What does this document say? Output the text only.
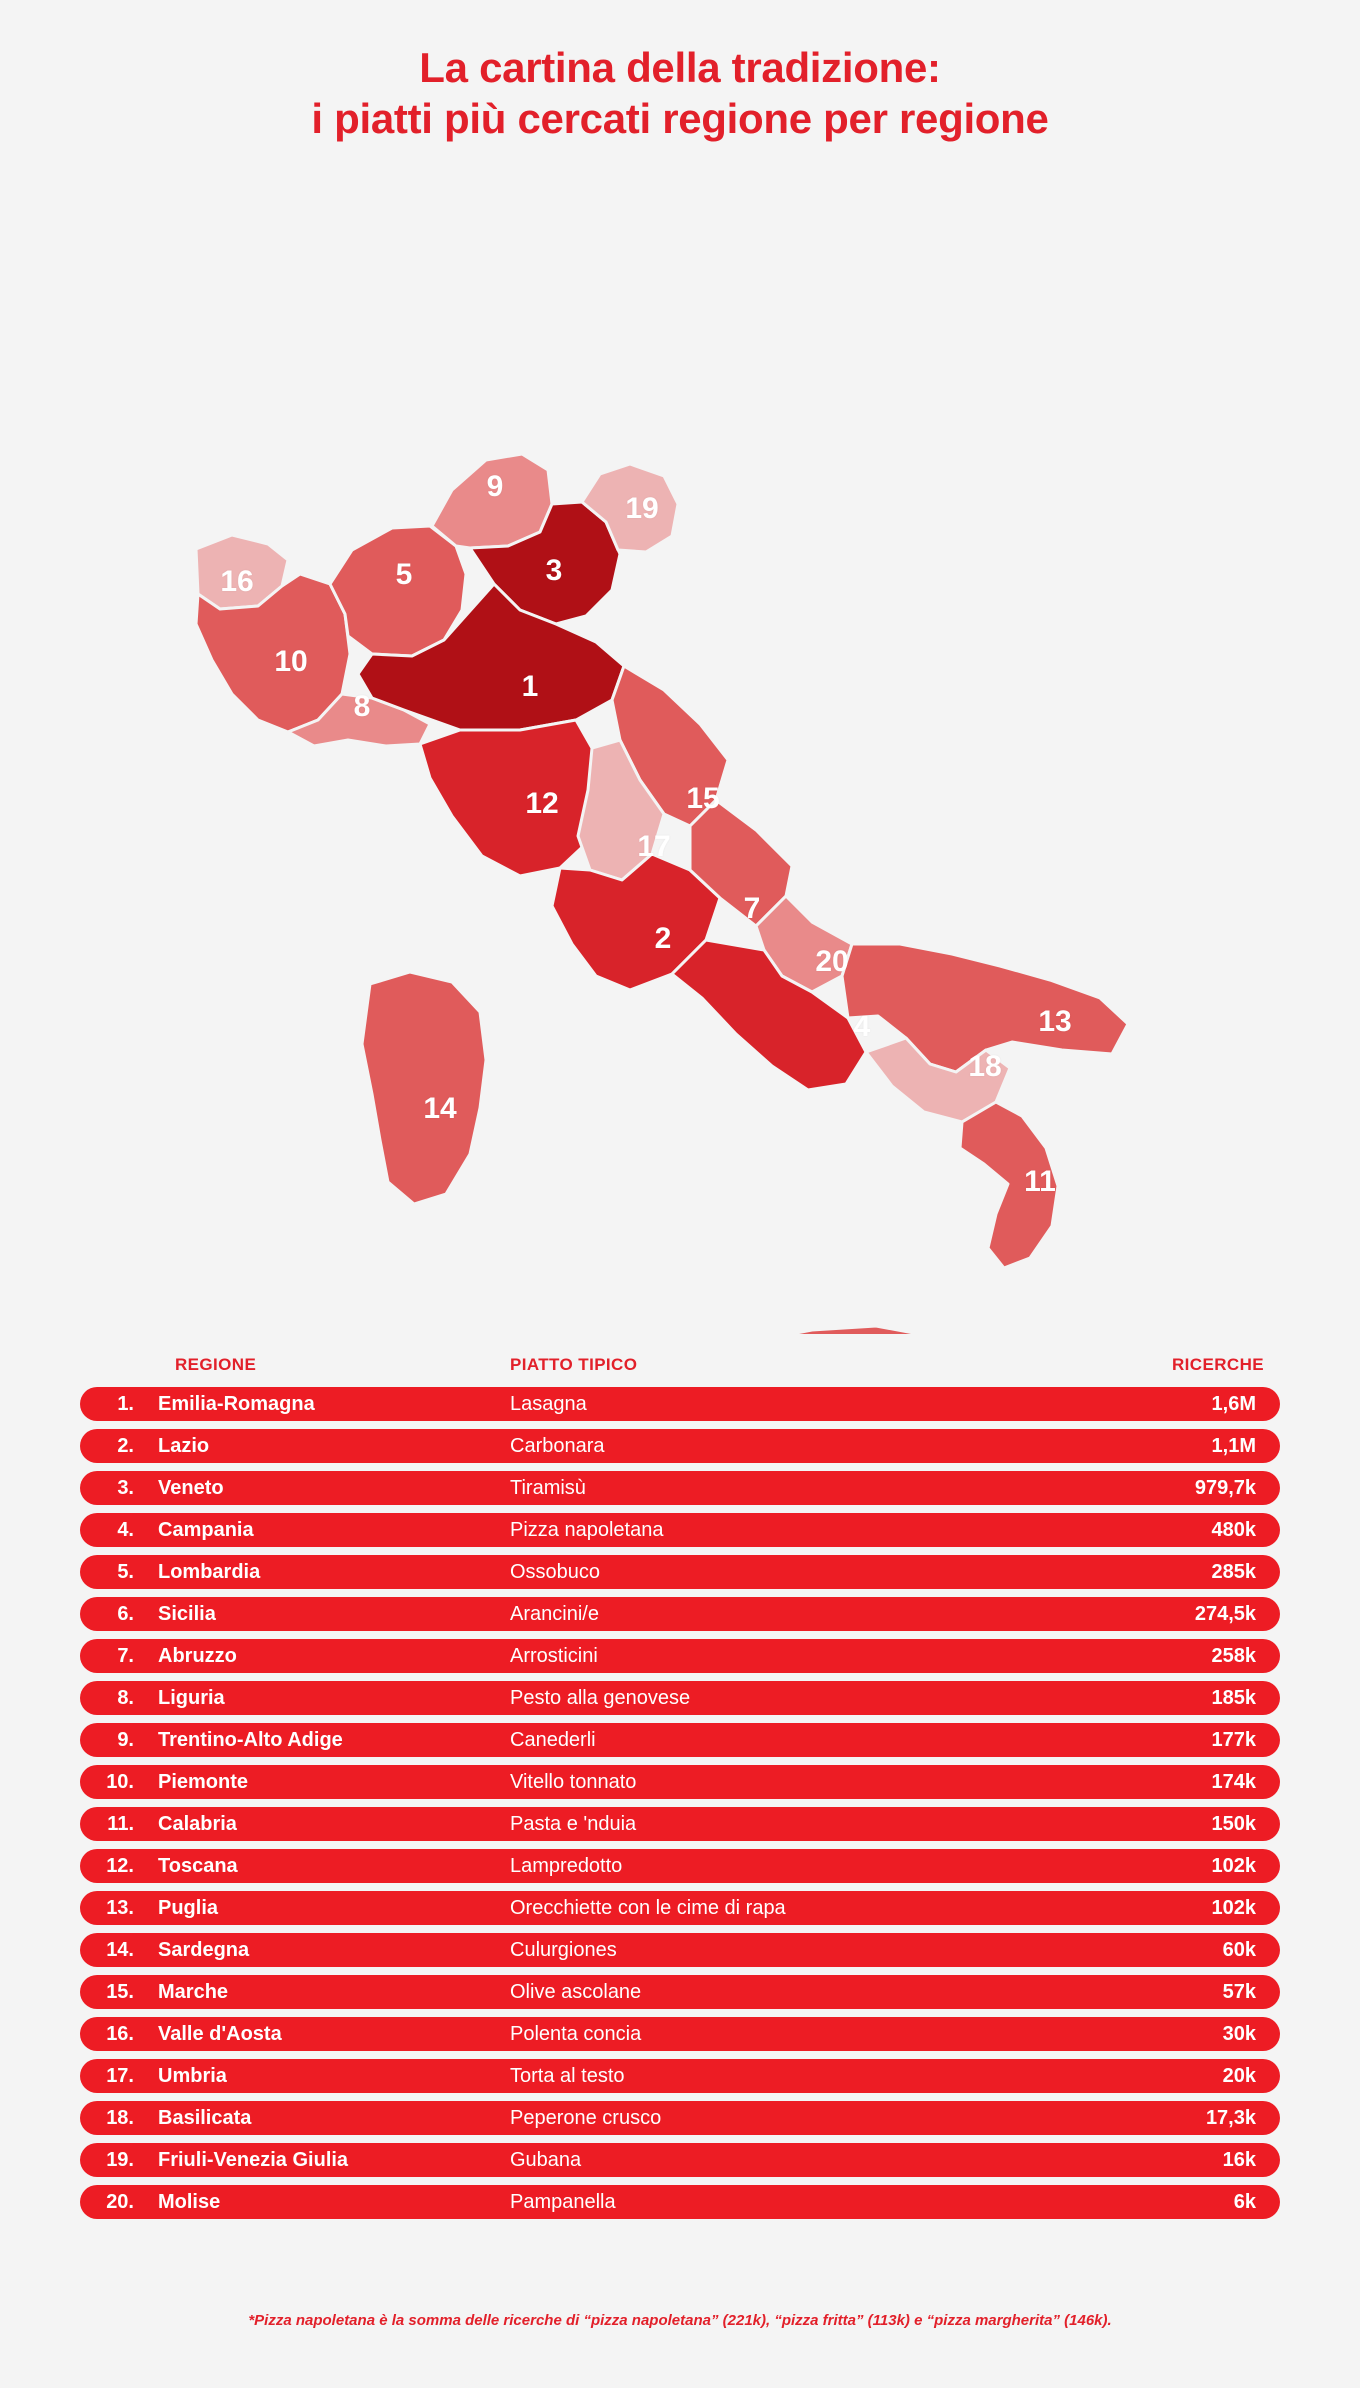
La cartina della tradizione:
i piatti più cercati regione per regione
1
2
3
4
5
7
8
9
10
11
12
13
14
15
16
17
18
19
20
REGIONE	PIATTO TIPICO	RICERCHE
1.	Emilia-Romagna	Lasagna	1,6M
2.	Lazio	Carbonara	1,1M
3.	Veneto	Tiramisù	979,7k
4.	Campania	Pizza napoletana	480k
5.	Lombardia	Ossobuco	285k
6.	Sicilia	Arancini/e	274,5k
7.	Abruzzo	Arrosticini	258k
8.	Liguria	Pesto alla genovese	185k
9.	Trentino-Alto Adige	Canederli	177k
10.	Piemonte	Vitello tonnato	174k
11.	Calabria	Pasta e 'nduia	150k
12.	Toscana	Lampredotto	102k
13.	Puglia	Orecchiette con le cime di rapa	102k
14.	Sardegna	Culurgiones	60k
15.	Marche	Olive ascolane	57k
16.	Valle d'Aosta	Polenta concia	30k
17.	Umbria	Torta al testo	20k
18.	Basilicata	Peperone crusco	17,3k
19.	Friuli-Venezia Giulia	Gubana	16k
20.	Molise	Pampanella	6k
*Pizza napoletana è la somma delle ricerche di “pizza napoletana” (221k), “pizza fritta” (113k) e “pizza margherita” (146k).
